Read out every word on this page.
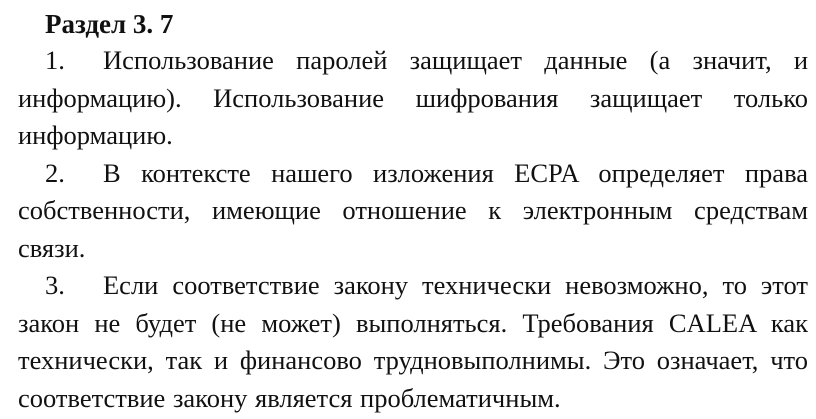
Раздел 3. 7

1. Использование паролей защищает данные (а значит, и информацию). Использование шифрования защищает только информацию.

2. В контексте нашего изложения ECPA определяет права собственности, имеющие отношение к электронным средствам связи.

3. Если соответствие закону технически невозможно, то этот закон не будет (не может) выполняться. Требования CALEA как технически, так и финансово трудновыполнимы. Это означает, что соответствие закону является проблематичным.
